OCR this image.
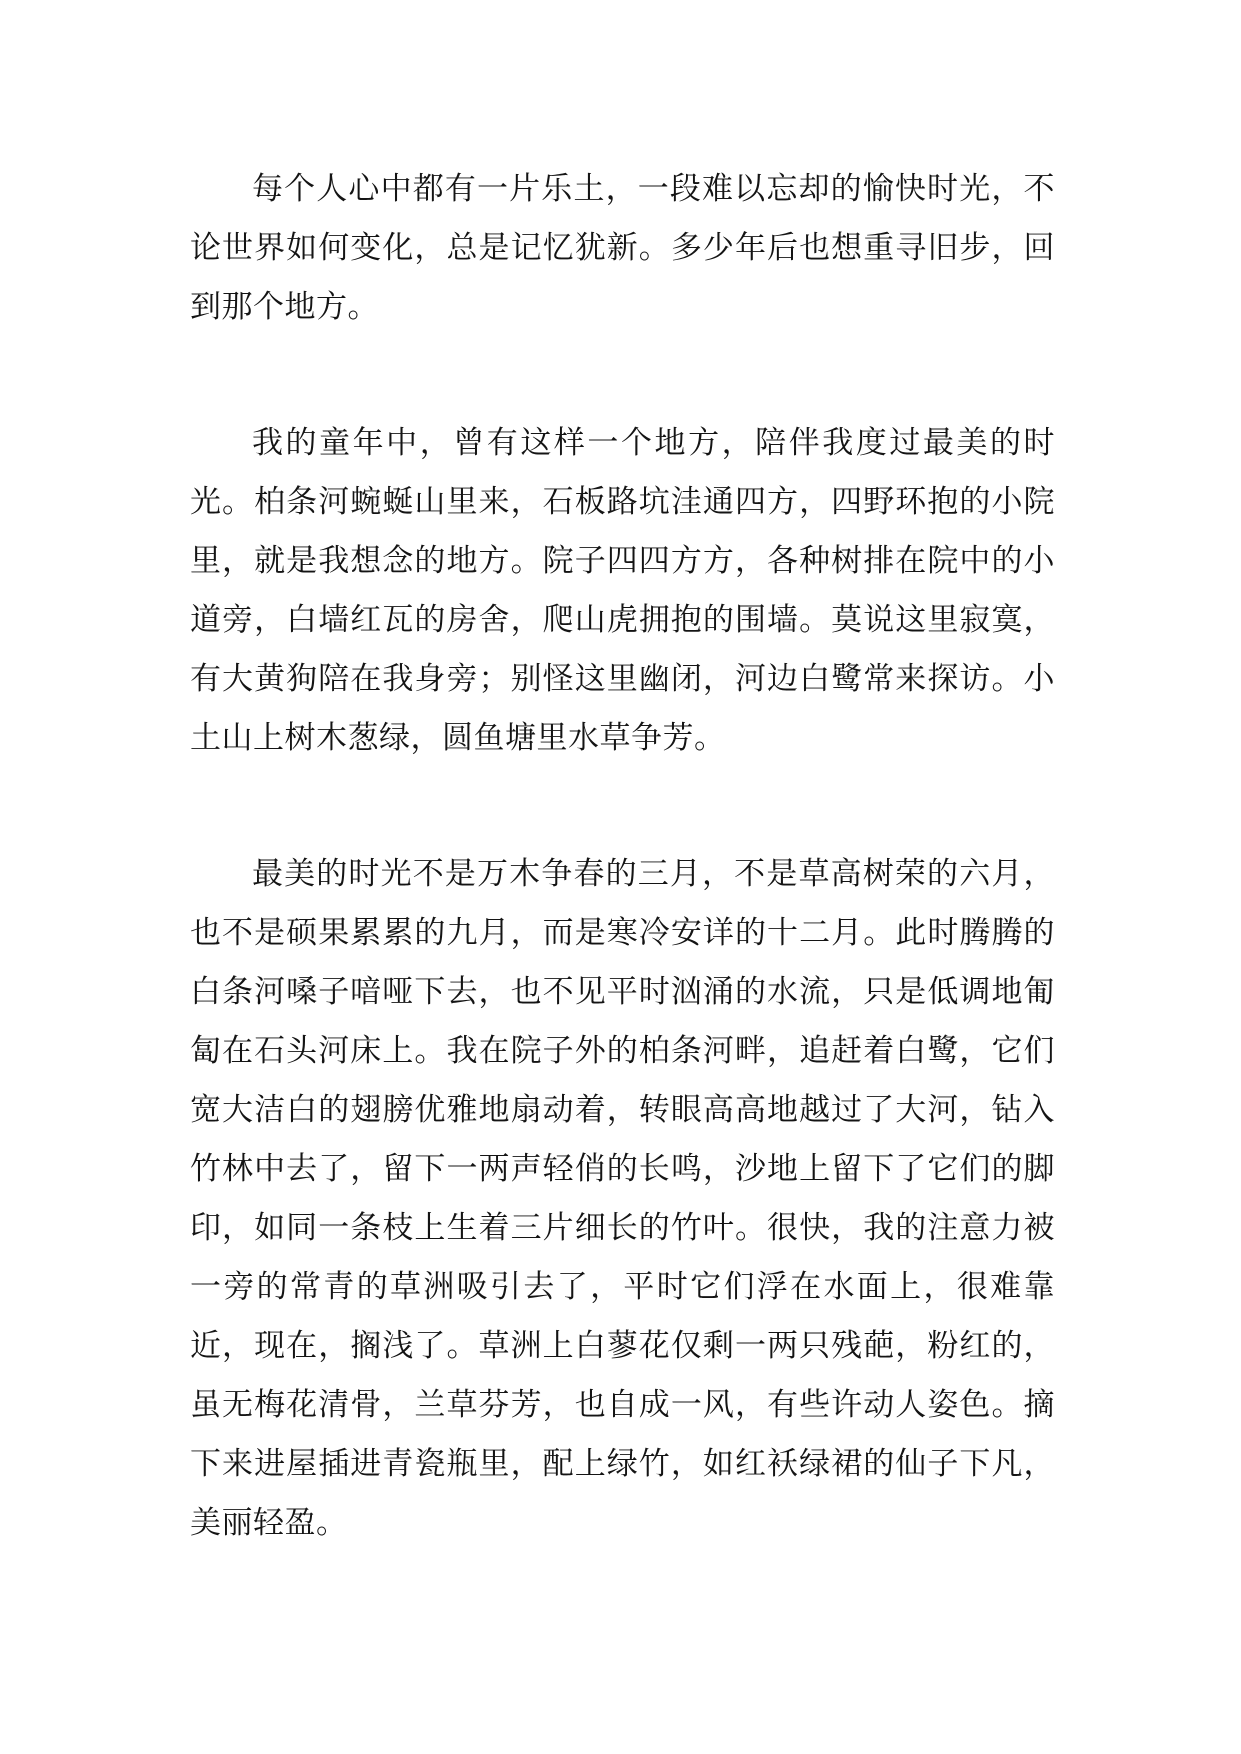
每个人心中都有一片乐土，一段难以忘却的愉快时光，不论世界如何变化，总是记忆犹新。多少年后也想重寻旧步，回到那个地方。

我的童年中，曾有这样一个地方，陪伴我度过最美的时光。柏条河蜿蜒山里来，石板路坑洼通四方，四野环抱的小院里，就是我想念的地方。院子四四方方，各种树排在院中的小道旁，白墙红瓦的房舍，爬山虎拥抱的围墙。莫说这里寂寞，有大黄狗陪在我身旁；别怪这里幽闭，河边白鹭常来探访。小土山上树木葱绿，圆鱼塘里水草争芳。

最美的时光不是万木争春的三月，不是草高树荣的六月，也不是硕果累累的九月，而是寒冷安详的十二月。此时腾腾的白条河嗓子喑哑下去，也不见平时汹涌的水流，只是低调地匍匐在石头河床上。我在院子外的柏条河畔，追赶着白鹭，它们宽大洁白的翅膀优雅地扇动着，转眼高高地越过了大河，钻入竹林中去了，留下一两声轻俏的长鸣，沙地上留下了它们的脚印，如同一条枝上生着三片细长的竹叶。很快，我的注意力被一旁的常青的草洲吸引去了，平时它们浮在水面上，很难靠近，现在，搁浅了。草洲上白蓼花仅剩一两只残葩，粉红的，虽无梅花清骨，兰草芬芳，也自成一风，有些许动人姿色。摘下来进屋插进青瓷瓶里，配上绿竹，如红袄绿裙的仙子下凡，美丽轻盈。
